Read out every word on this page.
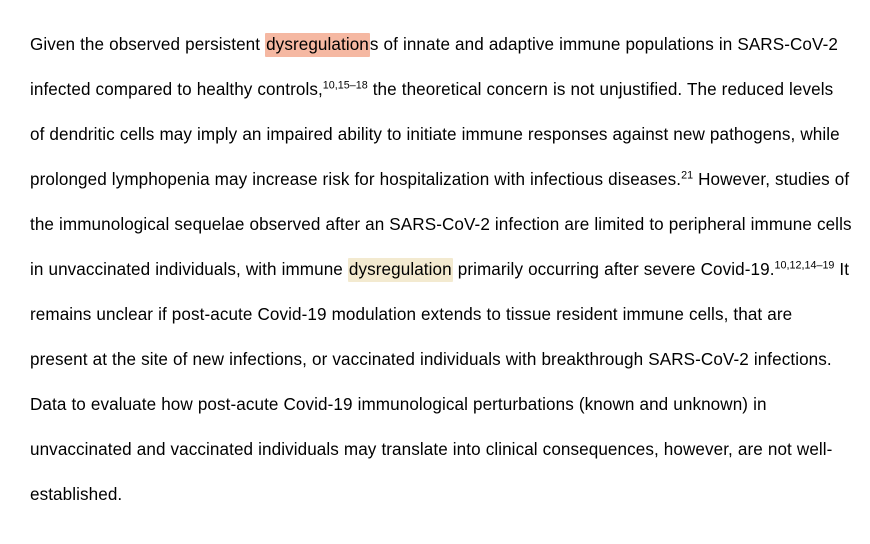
Given the observed persistent dysregulations of innate and adaptive immune populations in SARS-CoV-2
infected compared to healthy controls,$^{10,15-18}$ the theoretical concern is not unjustified. The reduced levels
of dendritic cells may imply an impaired ability to initiate immune responses against new pathogens, while
prolonged lymphopenia may increase risk for hospitalization with infectious diseases.$^{21}$ However, studies of
the immunological sequelae observed after an SARS-CoV-2 infection are limited to peripheral immune cells
in unvaccinated individuals, with immune dysregulation primarily occurring after severe Covid-19.$^{10,12,14-19}$ It
remains unclear if post-acute Covid-19 modulation extends to tissue resident immune cells, that are
present at the site of new infections, or vaccinated individuals with breakthrough SARS-CoV-2 infections.
Data to evaluate how post-acute Covid-19 immunological perturbations (known and unknown) in
unvaccinated and vaccinated individuals may translate into clinical consequences, however, are not well-
established.
